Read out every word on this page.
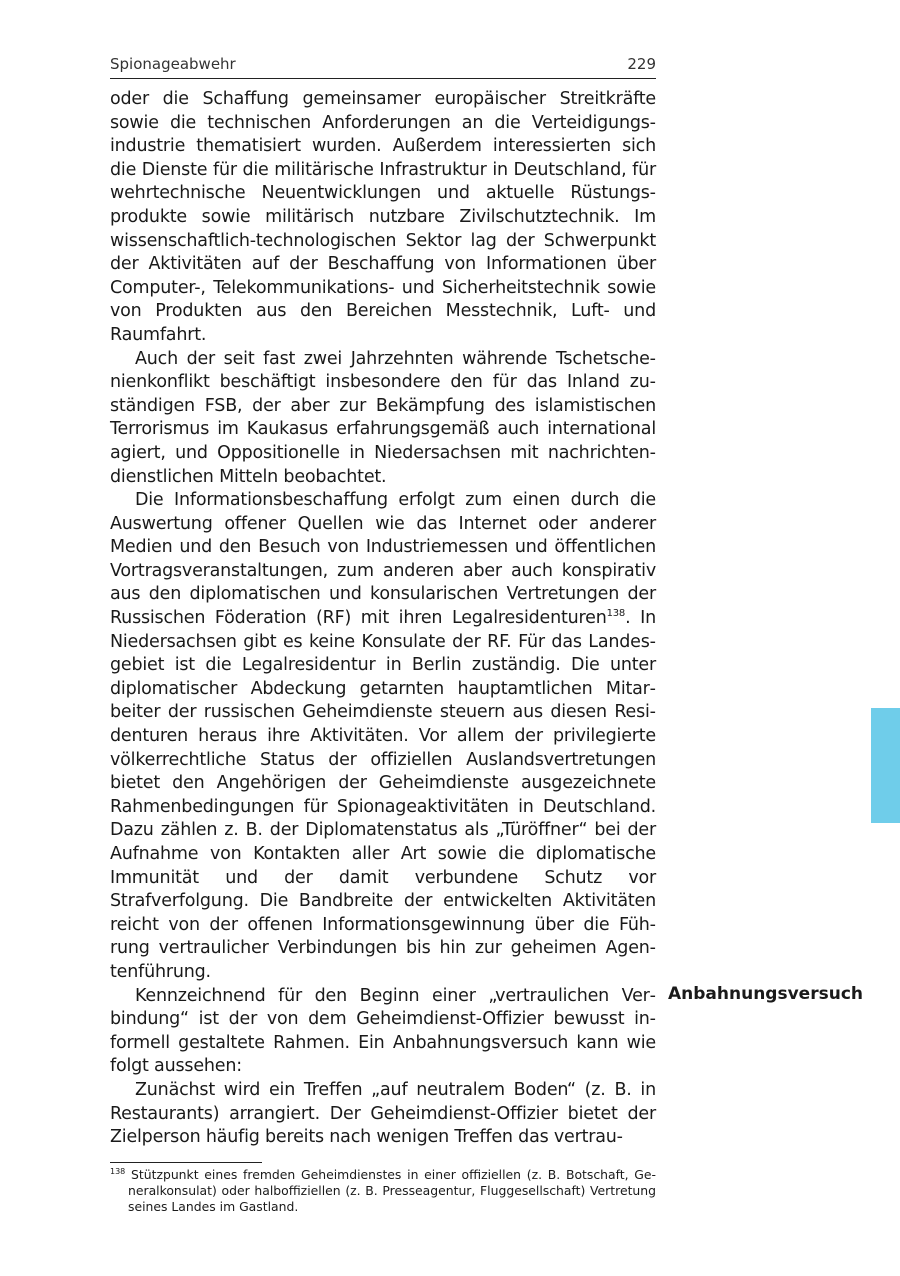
Spionageabwehr	229

oder die Schaffung gemeinsamer europäischer Streitkräfte sowie die technischen Anforderungen an die Verteidigungsindustrie thematisiert wurden. Außerdem interessierten sich die Dienste für die militärische Infrastruktur in Deutschland, für wehrtechnische Neuentwicklungen und aktuelle Rüstungsprodukte sowie militärisch nutzbare Zivilschutztechnik. Im wissenschaftlich-technologischen Sektor lag der Schwerpunkt der Aktivitäten auf der Beschaffung von Informationen über Computer-, Telekommunikations- und Sicherheitstechnik sowie von Produkten aus den Bereichen Messtechnik, Luft- und Raumfahrt.

Auch der seit fast zwei Jahrzehnten währende Tschetschenienkonflikt beschäftigt insbesondere den für das Inland zuständigen FSB, der aber zur Bekämpfung des islamistischen Terrorismus im Kaukasus erfahrungsgemäß auch international agiert, und Oppositionelle in Niedersachsen mit nachrichtendienstlichen Mitteln beobachtet.

Die Informationsbeschaffung erfolgt zum einen durch die Auswertung offener Quellen wie das Internet oder anderer Medien und den Besuch von Industriemessen und öffentlichen Vortragsveranstaltungen, zum anderen aber auch konspirativ aus den diplomatischen und konsularischen Vertretungen der Russischen Föderation (RF) mit ihren Legalresidenturen$^{138}$. In Niedersachsen gibt es keine Konsulate der RF. Für das Landesgebiet ist die Legalresidentur in Berlin zuständig. Die unter diplomatischer Abdeckung getarnten hauptamtlichen Mitarbeiter der russischen Geheimdienste steuern aus diesen Residenturen heraus ihre Aktivitäten. Vor allem der privilegierte völkerrechtliche Status der offiziellen Auslandsvertretungen bietet den Angehörigen der Geheimdienste ausgezeichnete Rahmenbedingungen für Spionageaktivitäten in Deutschland. Dazu zählen z. B. der Diplomatenstatus als „Türöffner“ bei der Aufnahme von Kontakten aller Art sowie die diplomatische Immunität und der damit verbundene Schutz vor Strafverfolgung. Die Bandbreite der entwickelten Aktivitäten reicht von der offenen Informationsgewinnung über die Führung vertraulicher Verbindungen bis hin zur geheimen Agentenführung.

Kennzeichnend für den Beginn einer „vertraulichen Verbindung“ ist der von dem Geheimdienst-Offizier bewusst informell gestaltete Rahmen. Ein Anbahnungsversuch kann wie folgt aussehen:

Zunächst wird ein Treffen „auf neutralem Boden“ (z. B. in Restaurants) arrangiert. Der Geheimdienst-Offizier bietet der Zielperson häufig bereits nach wenigen Treffen das vertrau-

Anbahnungsversuch
$^{138}$ Stützpunkt eines fremden Geheimdienstes in einer offiziellen (z. B. Botschaft, Generalkonsulat) oder halboffiziellen (z. B. Presseagentur, Fluggesellschaft) Vertretung seines Landes im Gastland.
